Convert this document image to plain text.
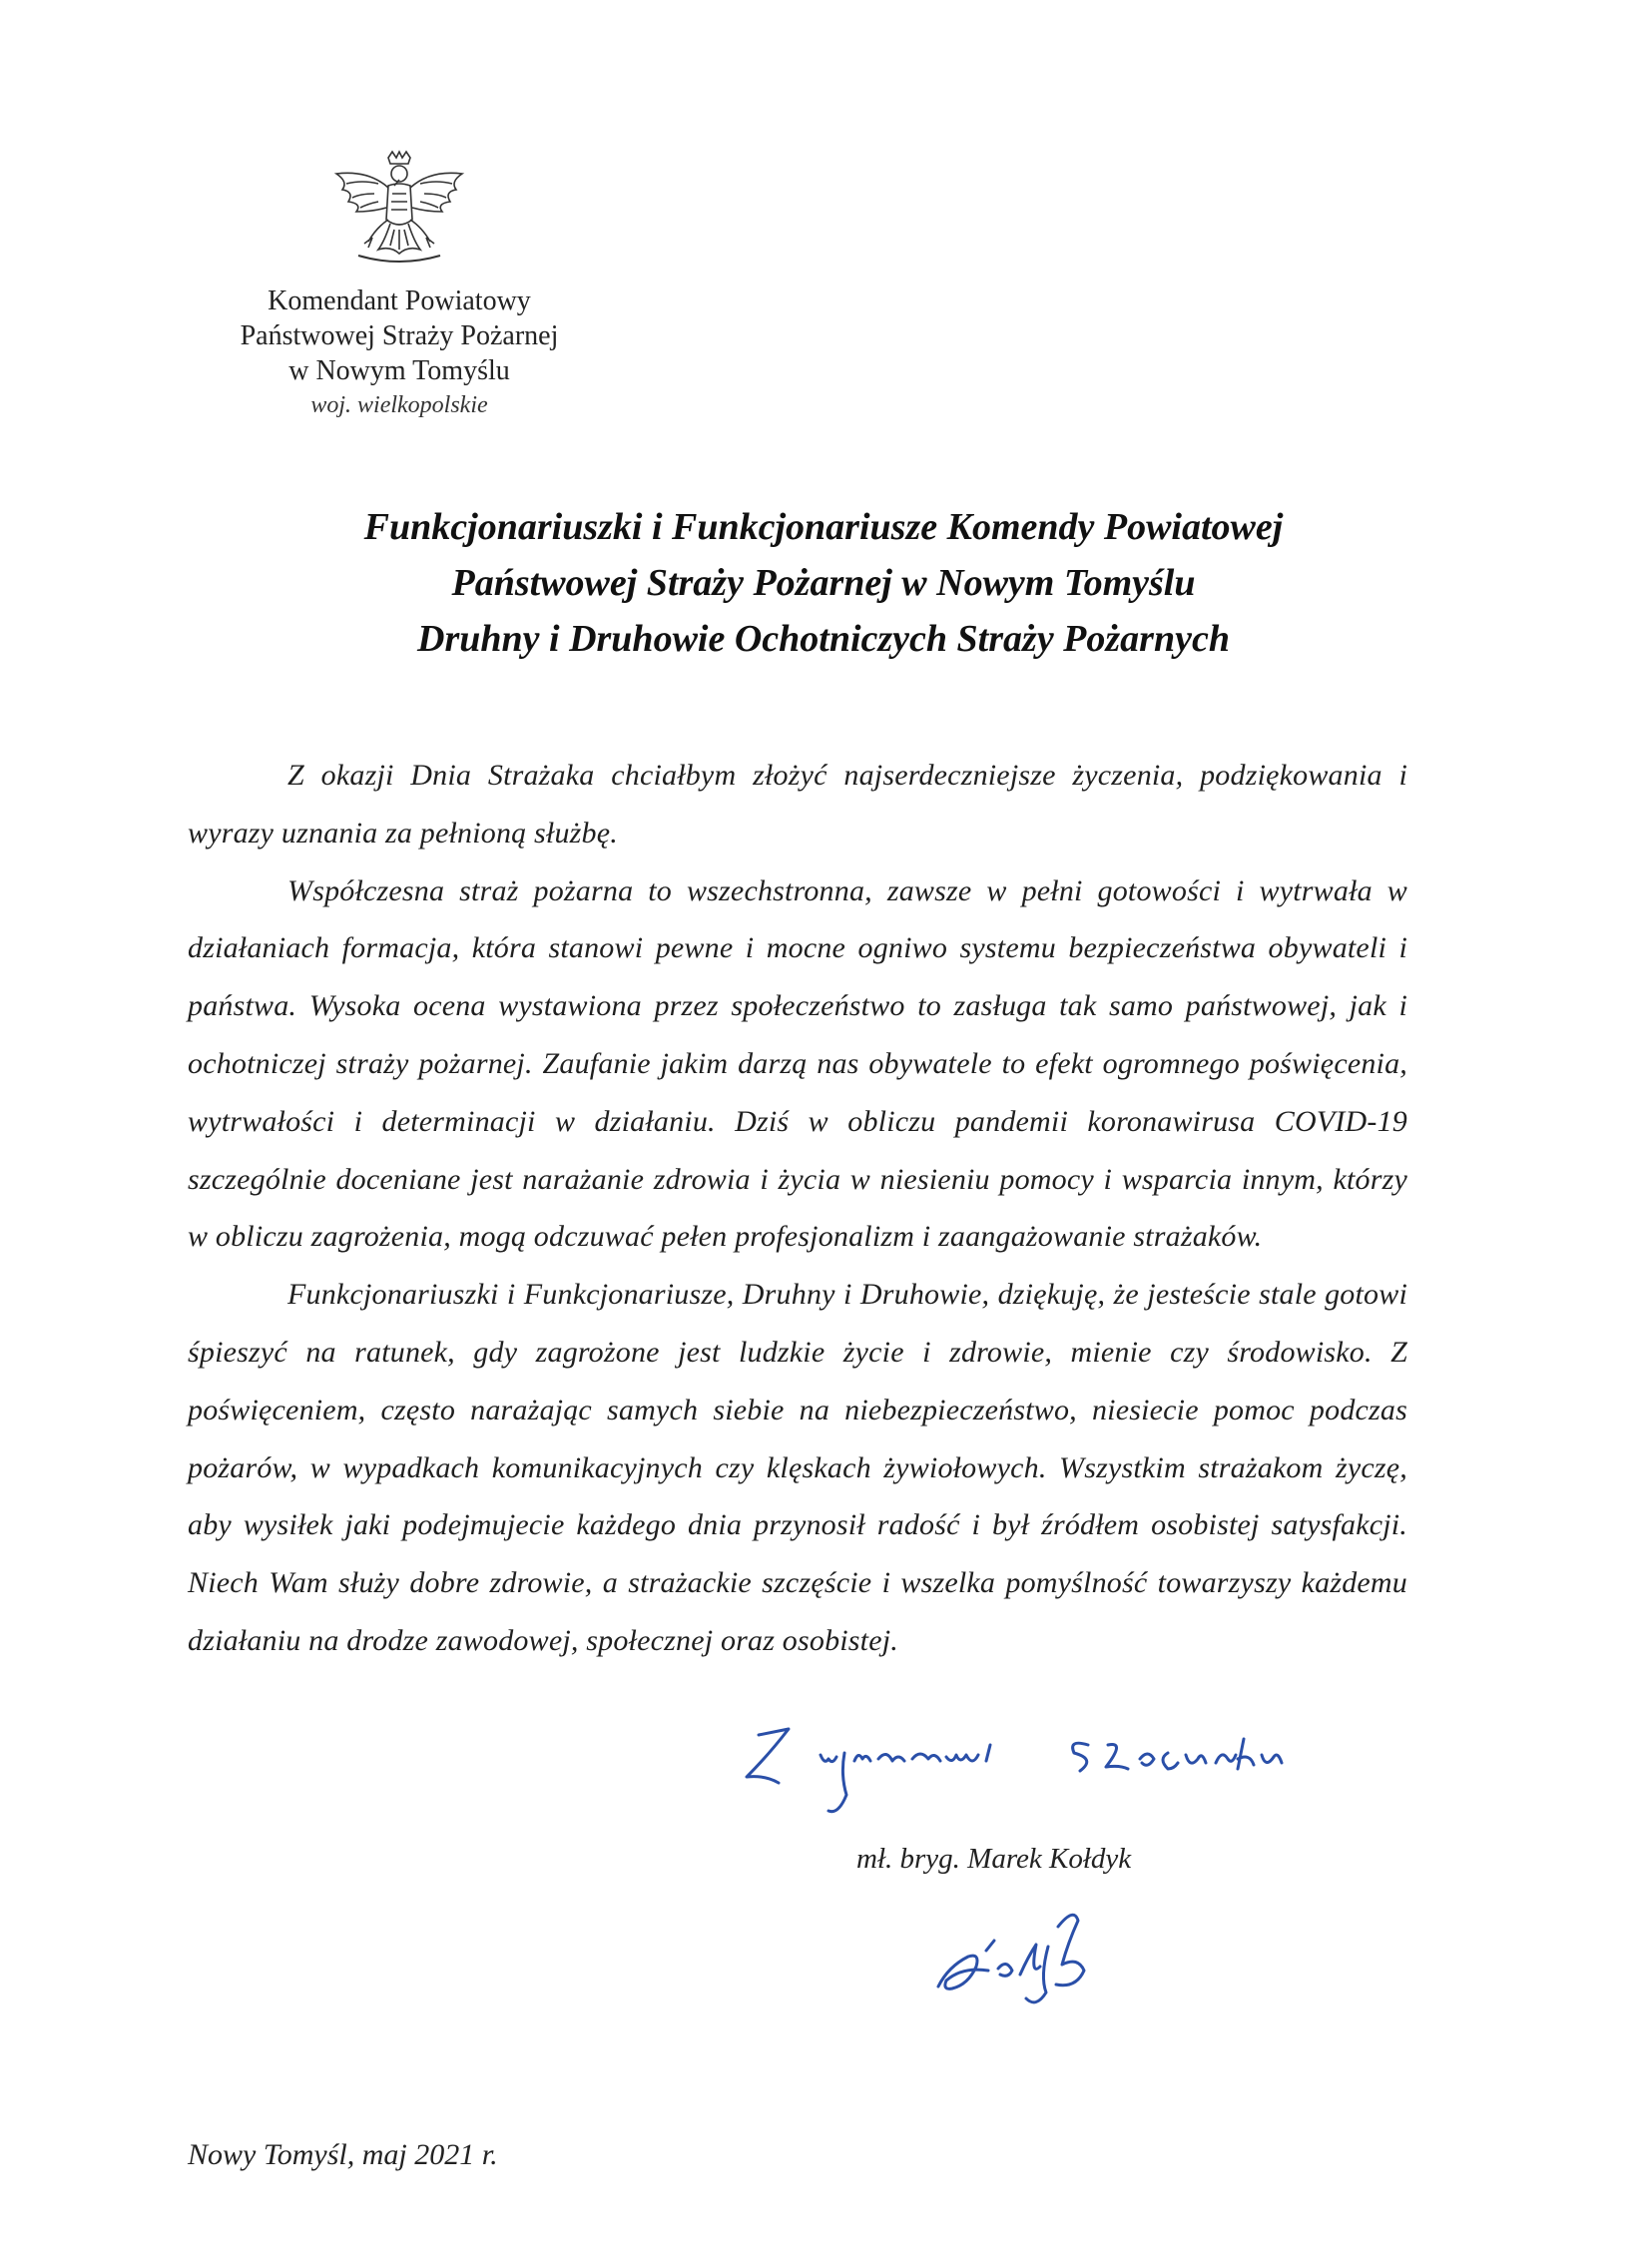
Komendant Powiatowy
Państwowej Straży Pożarnej
w Nowym Tomyślu
woj. wielkopolskie
Funkcjonariuszki i Funkcjonariusze Komendy Powiatowej
Państwowej Straży Pożarnej w Nowym Tomyślu
Druhny i Druhowie Ochotniczych Straży Pożarnych

Z okazji Dnia Strażaka chciałbym złożyć najserdeczniejsze życzenia, podziękowania i wyrazy uznania za pełnioną służbę.

Współczesna straż pożarna to wszechstronna, zawsze w pełni gotowości i wytrwała w działaniach formacja, która stanowi pewne i mocne ogniwo systemu bezpieczeństwa obywateli i państwa. Wysoka ocena wystawiona przez społeczeństwo to zasługa tak samo państwowej, jak i ochotniczej straży pożarnej. Zaufanie jakim darzą nas obywatele to efekt ogromnego poświęcenia, wytrwałości i determinacji w działaniu. Dziś w obliczu pandemii koronawirusa COVID-19 szczególnie doceniane jest narażanie zdrowia i życia w niesieniu pomocy i wsparcia innym, którzy w obliczu zagrożenia, mogą odczuwać pełen profesjonalizm i zaangażowanie strażaków.

Funkcjonariuszki i Funkcjonariusze, Druhny i Druhowie, dziękuję, że jesteście stale gotowi śpieszyć na ratunek, gdy zagrożone jest ludzkie życie i zdrowie, mienie czy środowisko. Z poświęceniem, często narażając samych siebie na niebezpieczeństwo, niesiecie pomoc podczas pożarów, w wypadkach komunikacyjnych czy klęskach żywiołowych. Wszystkim strażakom życzę, aby wysiłek jaki podejmujecie każdego dnia przynosił radość i był źródłem osobistej satysfakcji. Niech Wam służy dobre zdrowie, a strażackie szczęście i wszelka pomyślność towarzyszy każdemu działaniu na drodze zawodowej, społecznej oraz osobistej.

mł. bryg. Marek Kołdyk
Nowy Tomyśl, maj 2021 r.
